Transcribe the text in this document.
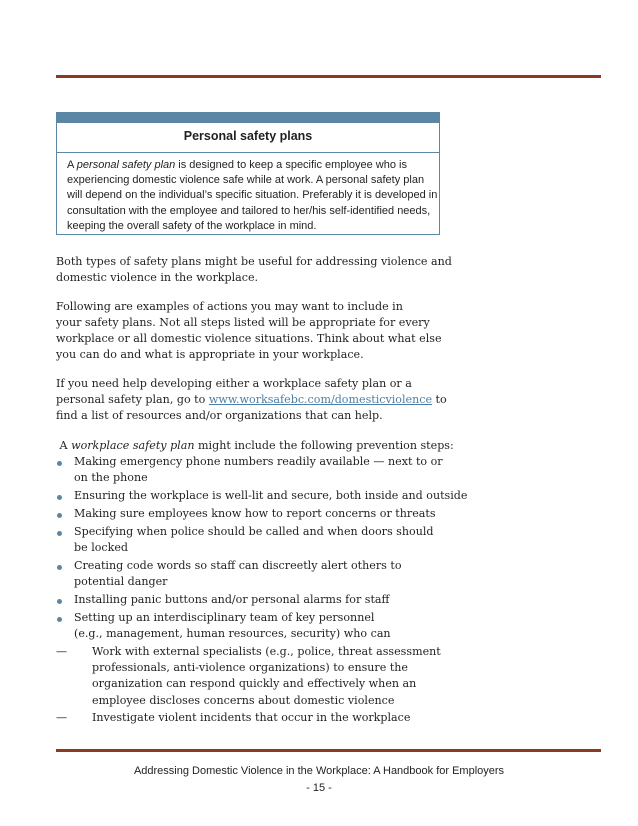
Personal safety plans
A personal safety plan is designed to keep a specific employee who is
experiencing domestic violence safe while at work. A personal safety plan
will depend on the individual’s specific situation. Preferably it is developed in
consultation with the employee and tailored to her/his self-identified needs,
keeping the overall safety of the workplace in mind.

Both types of safety plans might be useful for addressing violence and
domestic violence in the workplace.

Following are examples of actions you may want to include in
your safety plans. Not all steps listed will be appropriate for every
workplace or all domestic violence situations. Think about what else
you can do and what is appropriate in your workplace.

If you need help developing either a workplace safety plan or a
personal safety plan, go to www.worksafebc.com/domesticviolence to
find a list of resources and/or organizations that can help.

A workplace safety plan might include the following prevention steps:

Making emergency phone numbers readily available — next to or
on the phone
Ensuring the workplace is well-lit and secure, both inside and outside
Making sure employees know how to report concerns or threats
Specifying when police should be called and when doors should
be locked
Creating code words so staff can discreetly alert others to
potential danger
Installing panic buttons and/or personal alarms for staff
Setting up an interdisciplinary team of key personnel
(e.g., management, human resources, security) who can
— Work with external specialists (e.g., police, threat assessment
professionals, anti-violence organizations) to ensure the
organization can respond quickly and effectively when an
employee discloses concerns about domestic violence
— Investigate violent incidents that occur in the workplace
Addressing Domestic Violence in the Workplace: A Handbook for Employers
- 15 -
